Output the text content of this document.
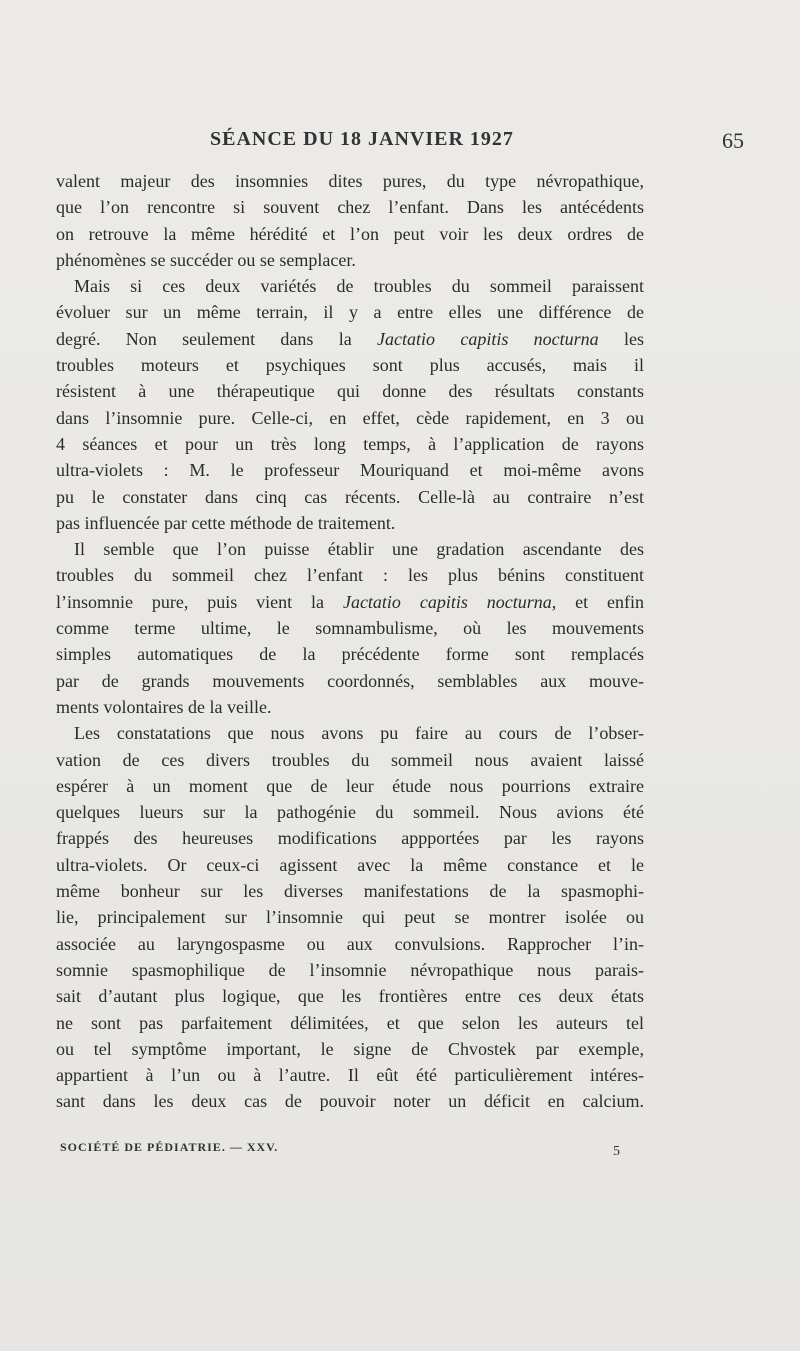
SÉANCE DU 18 JANVIER 1927	65
valent majeur des insomnies dites pures, du type névropathique,
que l’on rencontre si souvent chez l’enfant. Dans les antécédents
on retrouve la même hérédité et l’on peut voir les deux ordres de
phénomènes se succéder ou se semplacer.
Mais si ces deux variétés de troubles du sommeil paraissent
évoluer sur un même terrain, il y a entre elles une différence de
degré. Non seulement dans la Jactatio capitis nocturna les
troubles moteurs et psychiques sont plus accusés, mais il
résistent à une thérapeutique qui donne des résultats constants
dans l’insomnie pure. Celle-ci, en effet, cède rapidement, en 3 ou
4 séances et pour un très long temps, à l’application de rayons
ultra-violets : M. le professeur Mouriquand et moi-même avons
pu le constater dans cinq cas récents. Celle-là au contraire n’est
pas influencée par cette méthode de traitement.
Il semble que l’on puisse établir une gradation ascendante des
troubles du sommeil chez l’enfant : les plus bénins constituent
l’insomnie pure, puis vient la Jactatio capitis nocturna, et enfin
comme terme ultime, le somnambulisme, où les mouvements
simples automatiques de la précédente forme sont remplacés
par de grands mouvements coordonnés, semblables aux mouve-
ments volontaires de la veille.
Les constatations que nous avons pu faire au cours de l’obser-
vation de ces divers troubles du sommeil nous avaient laissé
espérer à un moment que de leur étude nous pourrions extraire
quelques lueurs sur la pathogénie du sommeil. Nous avions été
frappés des heureuses modifications appportées par les rayons
ultra-violets. Or ceux-ci agissent avec la même constance et le
même bonheur sur les diverses manifestations de la spasmophi-
lie, principalement sur l’insomnie qui peut se montrer isolée ou
associée au laryngospasme ou aux convulsions. Rapprocher l’in-
somnie spasmophilique de l’insomnie névropathique nous parais-
sait d’autant plus logique, que les frontières entre ces deux états
ne sont pas parfaitement délimitées, et que selon les auteurs tel
ou tel symptôme important, le signe de Chvostek par exemple,
appartient à l’un ou à l’autre. Il eût été particulièrement intéres-
sant dans les deux cas de pouvoir noter un déficit en calcium.
SOCIÉTÉ DE PÉDIATRIE. — XXV.	5
